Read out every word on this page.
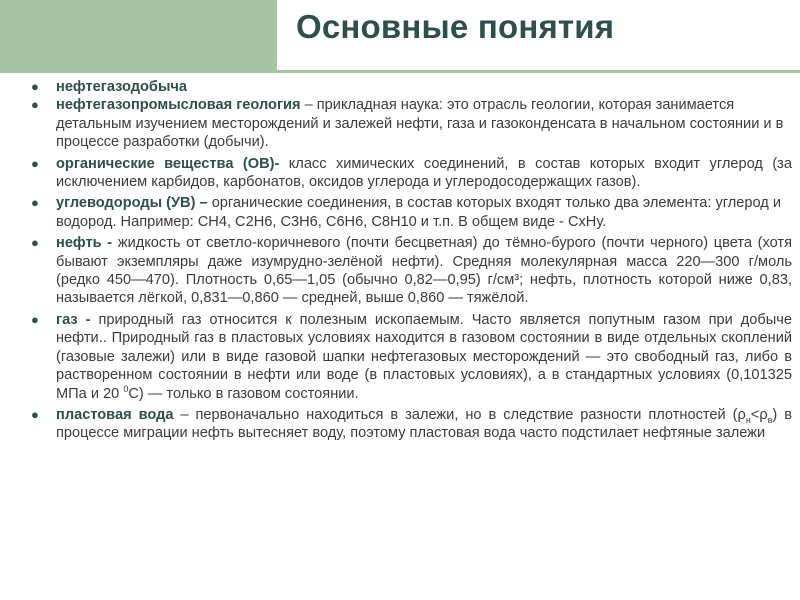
Основные понятия
● нефтегазодобыча
● нефтегазопромысловая геология – прикладная наука: это отрасль геологии, которая занимается детальным изучением месторождений и залежей нефти, газа и газоконденсата в начальном состоянии и в процессе разработки (добычи).
● органические вещества (ОВ)- класс химических соединений, в состав которых входит углерод (за исключением карбидов, карбонатов, оксидов углерода и углеродосодержащих газов).
● углеводороды (УВ) – органические соединения, в состав которых входят только два элемента: углерод и водород. Например: СН4, С2Н6, С3Н6, С6Н6, С8Н10 и т.п. В общем виде - СхНу.
● нефть - жидкость от светло-коричневого (почти бесцветная) до тёмно-бурого (почти черного) цвета (хотя бывают экземпляры даже изумрудно-зелёной нефти). Средняя молекулярная масса 220—300 г/моль (редко 450—470). Плотность 0,65—1,05 (обычно 0,82—0,95) г/см³; нефть, плотность которой ниже 0,83, называется лёгкой, 0,831—0,860 — средней, выше 0,860 — тяжёлой.
● газ - природный газ относится к полезным ископаемым. Часто является попутным газом при добыче нефти.. Природный газ в пластовых условиях находится в газовом состоянии в виде отдельных скоплений (газовые залежи) или в виде газовой шапки нефтегазовых месторождений — это свободный газ, либо в растворенном состоянии в нефти или воде (в пластовых условиях), а в стандартных условиях (0,101325 МПа и 20 $^0$С) — только в газовом состоянии.
● пластовая вода – первоначально находиться в залежи, но в следствие разности плотностей $(\rho_н<\rho_в)$ в процессе миграции нефть вытесняет воду, поэтому пластовая вода часто подстилает нефтяные залежи
